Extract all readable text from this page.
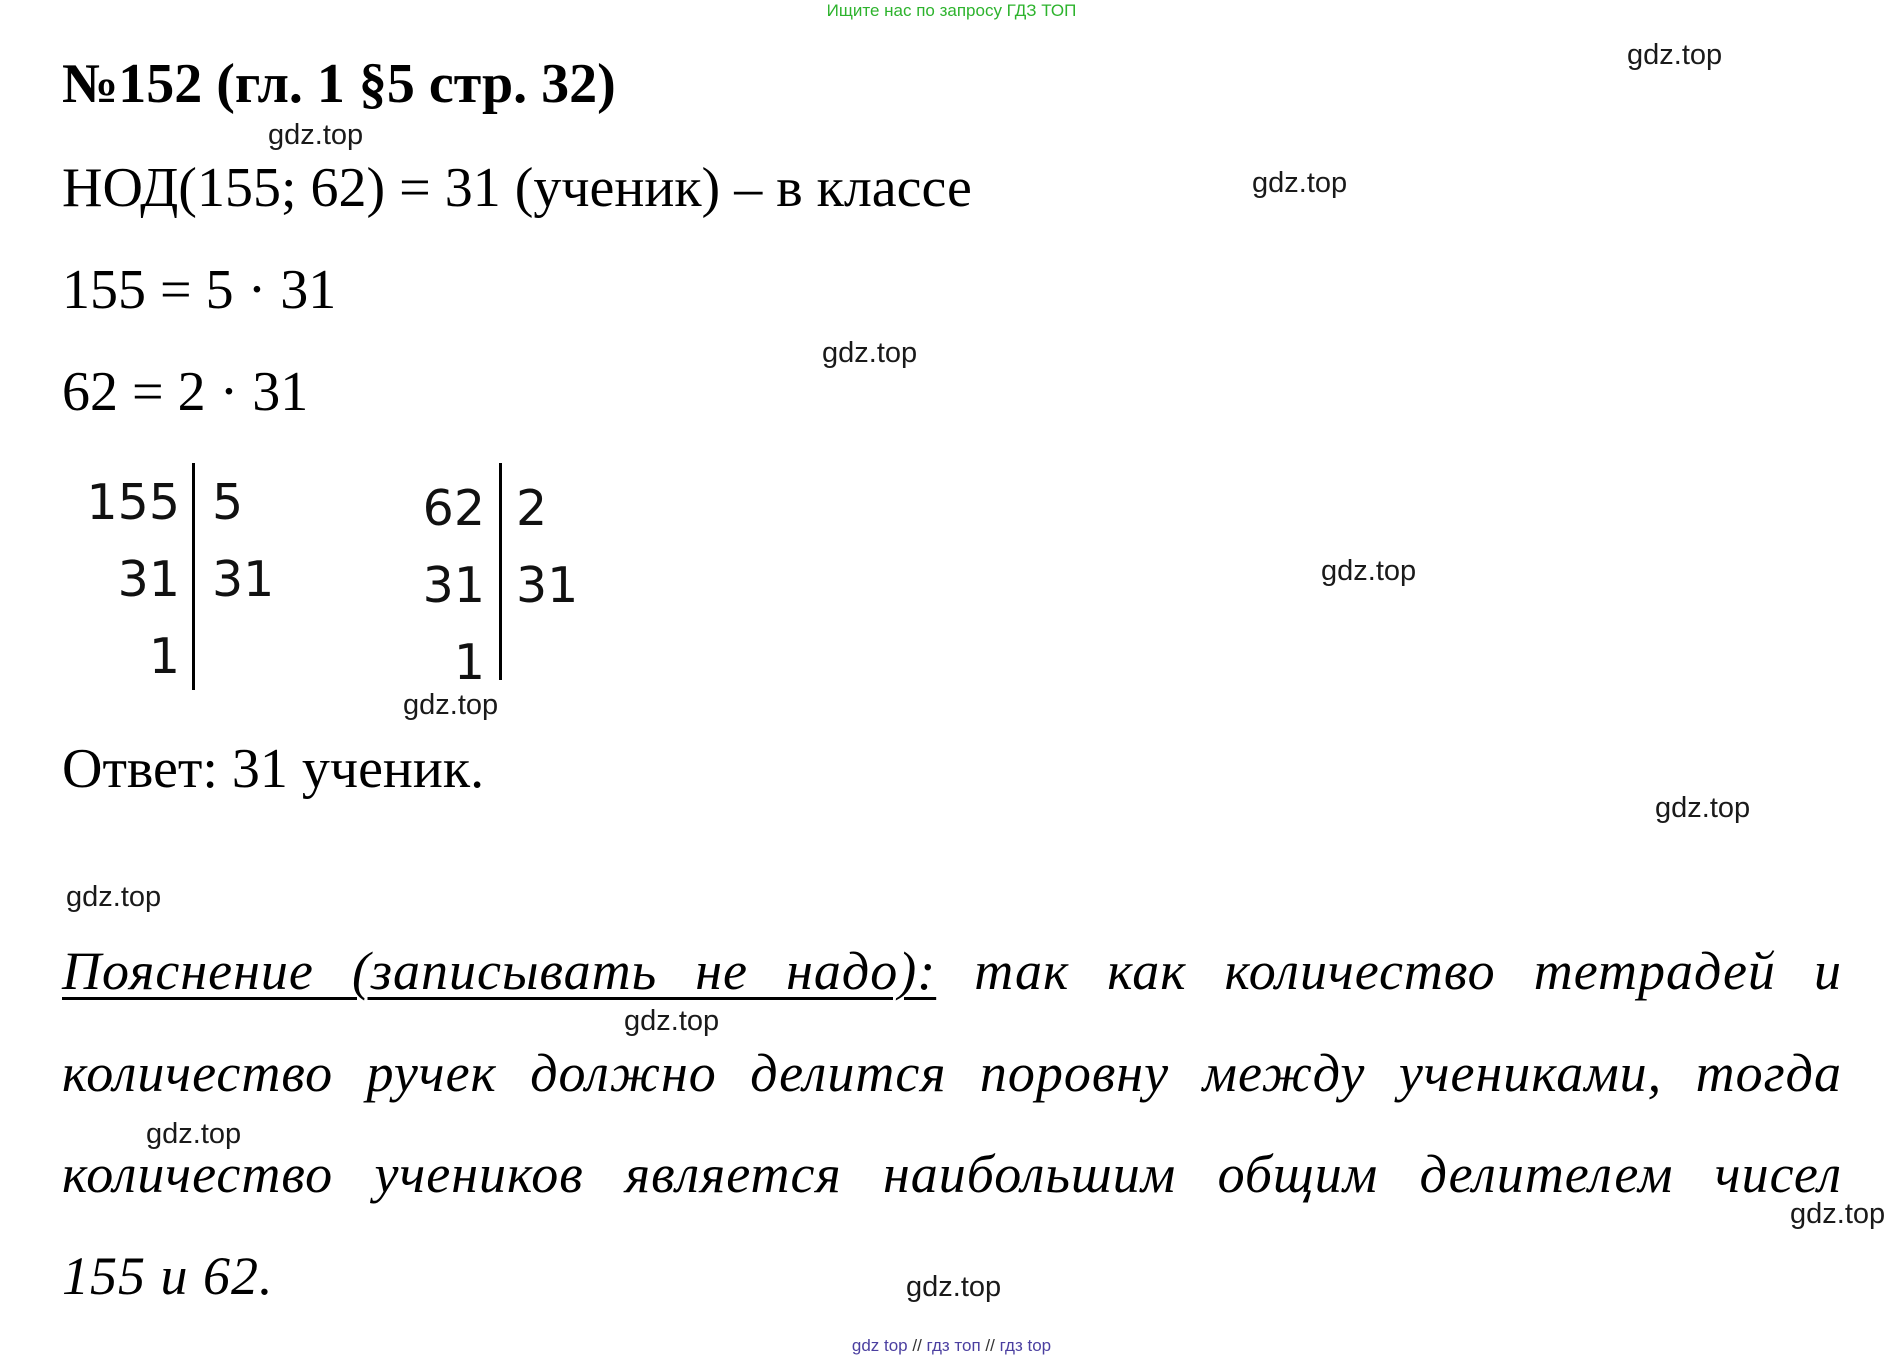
Ищите нас по запросу ГДЗ ТОП
№152 (гл. 1 §5 стр. 32)
НОД(155; 62) = 31 (ученик) – в классе
155 = 5 · 31
62 = 2 · 31
155
31
1
5
31
62
31
1
2
31
Ответ: 31 ученик.
Пояснение (записывать не надо): так как количество тетрадей и
количество ручек должно делится поровну между учениками, тогда
количество учеников является наибольшим общим делителем чисел
155 и 62.
gdz.top
gdz.top
gdz.top
gdz.top
gdz.top
gdz.top
gdz.top
gdz.top
gdz.top
gdz.top
gdz.top
gdz.top
gdz top // гдз топ // гдз top
